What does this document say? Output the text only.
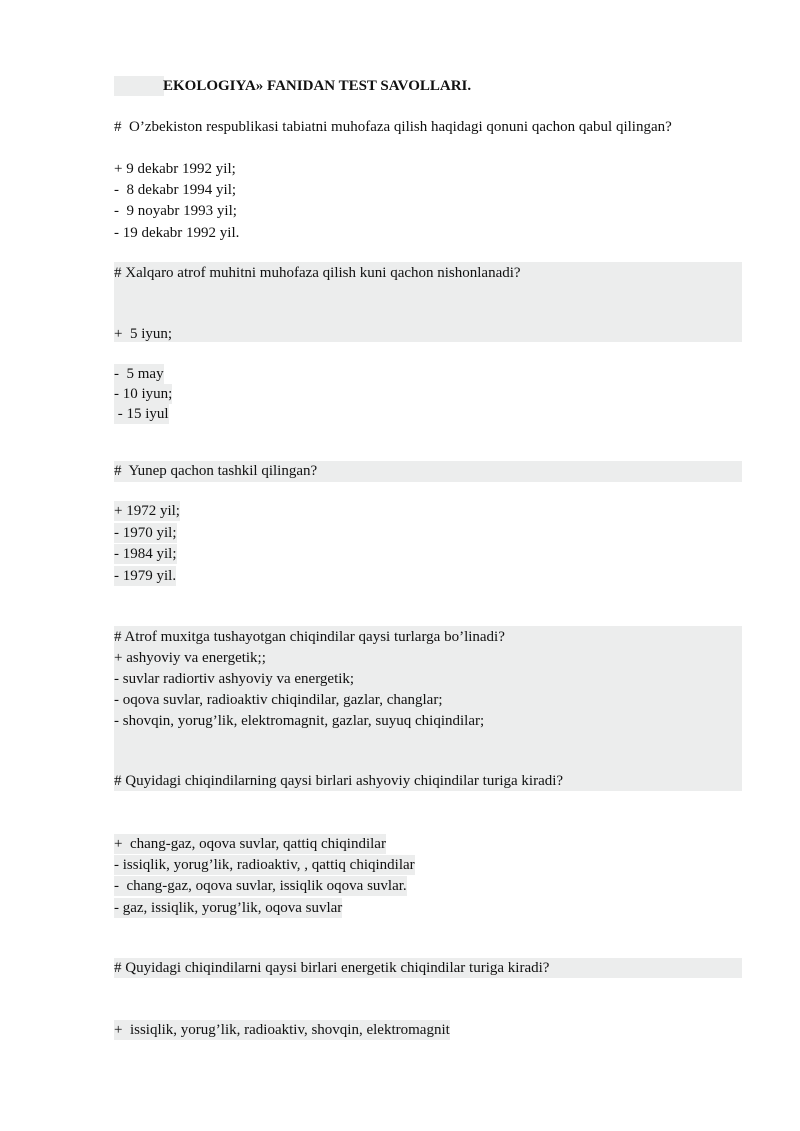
EKOLOGIYA» FANIDAN TEST SAVOLLARI.
#  O’zbekiston respublikasi tabiatni muhofaza qilish haqidagi qonuni qachon qabul qilingan?
+ 9 dekabr 1992 yil;
-  8 dekabr 1994 yil;
-  9 noyabr 1993 yil;
- 19 dekabr 1992 yil.
# Xalqaro atrof muhitni muhofaza qilish kuni qachon nishonlanadi?
+  5 iyun;
-  5 may
- 10 iyun;
- 15 iyul
#  Yunep qachon tashkil qilingan?
+ 1972 yil;
- 1970 yil;
- 1984 yil;
- 1979 yil.
# Atrof muxitga tushayotgan chiqindilar qaysi turlarga bo’linadi?
+ ashyoviy va energetik;;
- suvlar radiortiv ashyoviy va energetik;
- oqova suvlar, radioaktiv chiqindilar, gazlar, changlar;
- shovqin, yorug’lik, elektromagnit, gazlar, suyuq chiqindilar;
# Quyidagi chiqindilarning qaysi birlari ashyoviy chiqindilar turiga kiradi?
+  chang-gaz, oqova suvlar, qattiq chiqindilar
- issiqlik, yorug’lik, radioaktiv, , qattiq chiqindilar
-  chang-gaz, oqova suvlar, issiqlik oqova suvlar.
- gaz, issiqlik, yorug’lik, oqova suvlar
# Quyidagi chiqindilarni qaysi birlari energetik chiqindilar turiga kiradi?
+  issiqlik, yorug’lik, radioaktiv, shovqin, elektromagnit
